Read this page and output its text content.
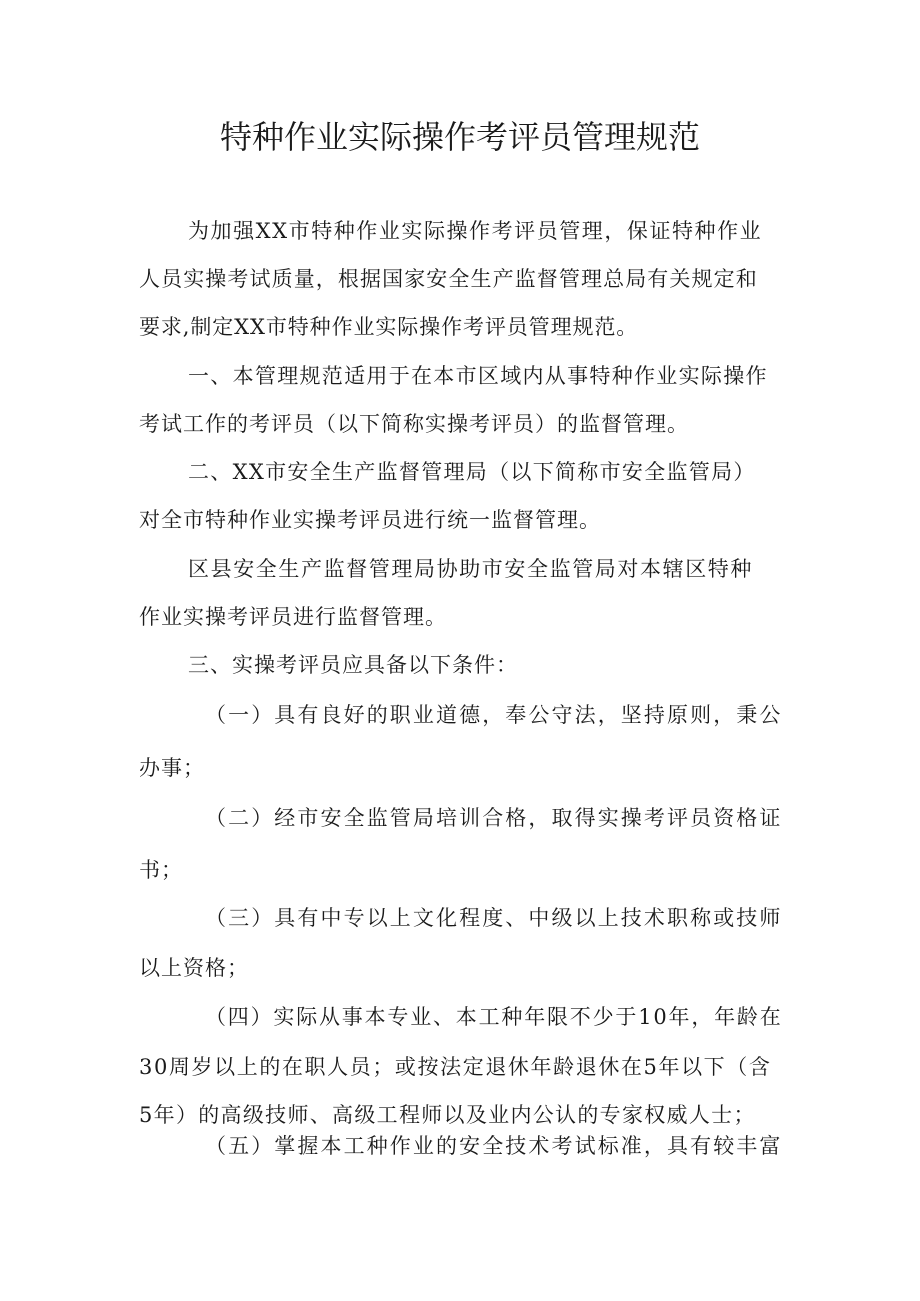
特种作业实际操作考评员管理规范
为加强XX市特种作业实际操作考评员管理，保证特种作业
人员实操考试质量，根据国家安全生产监督管理总局有关规定和
要求,制定XX市特种作业实际操作考评员管理规范。
一、本管理规范适用于在本市区域内从事特种作业实际操作
考试工作的考评员（以下简称实操考评员）的监督管理。
二、XX市安全生产监督管理局（以下简称市安全监管局）
对全市特种作业实操考评员进行统一监督管理。
区县安全生产监督管理局协助市安全监管局对本辖区特种
作业实操考评员进行监督管理。
三、实操考评员应具备以下条件：
（一）具有良好的职业道德，奉公守法，坚持原则，秉公
办事；
（二）经市安全监管局培训合格，取得实操考评员资格证
书；
（三）具有中专以上文化程度、中级以上技术职称或技师
以上资格；
（四）实际从事本专业、本工种年限不少于10年，年龄在
30周岁以上的在职人员；或按法定退休年龄退休在5年以下（含
5年）的高级技师、高级工程师以及业内公认的专家权威人士；
（五）掌握本工种作业的安全技术考试标准，具有较丰富
